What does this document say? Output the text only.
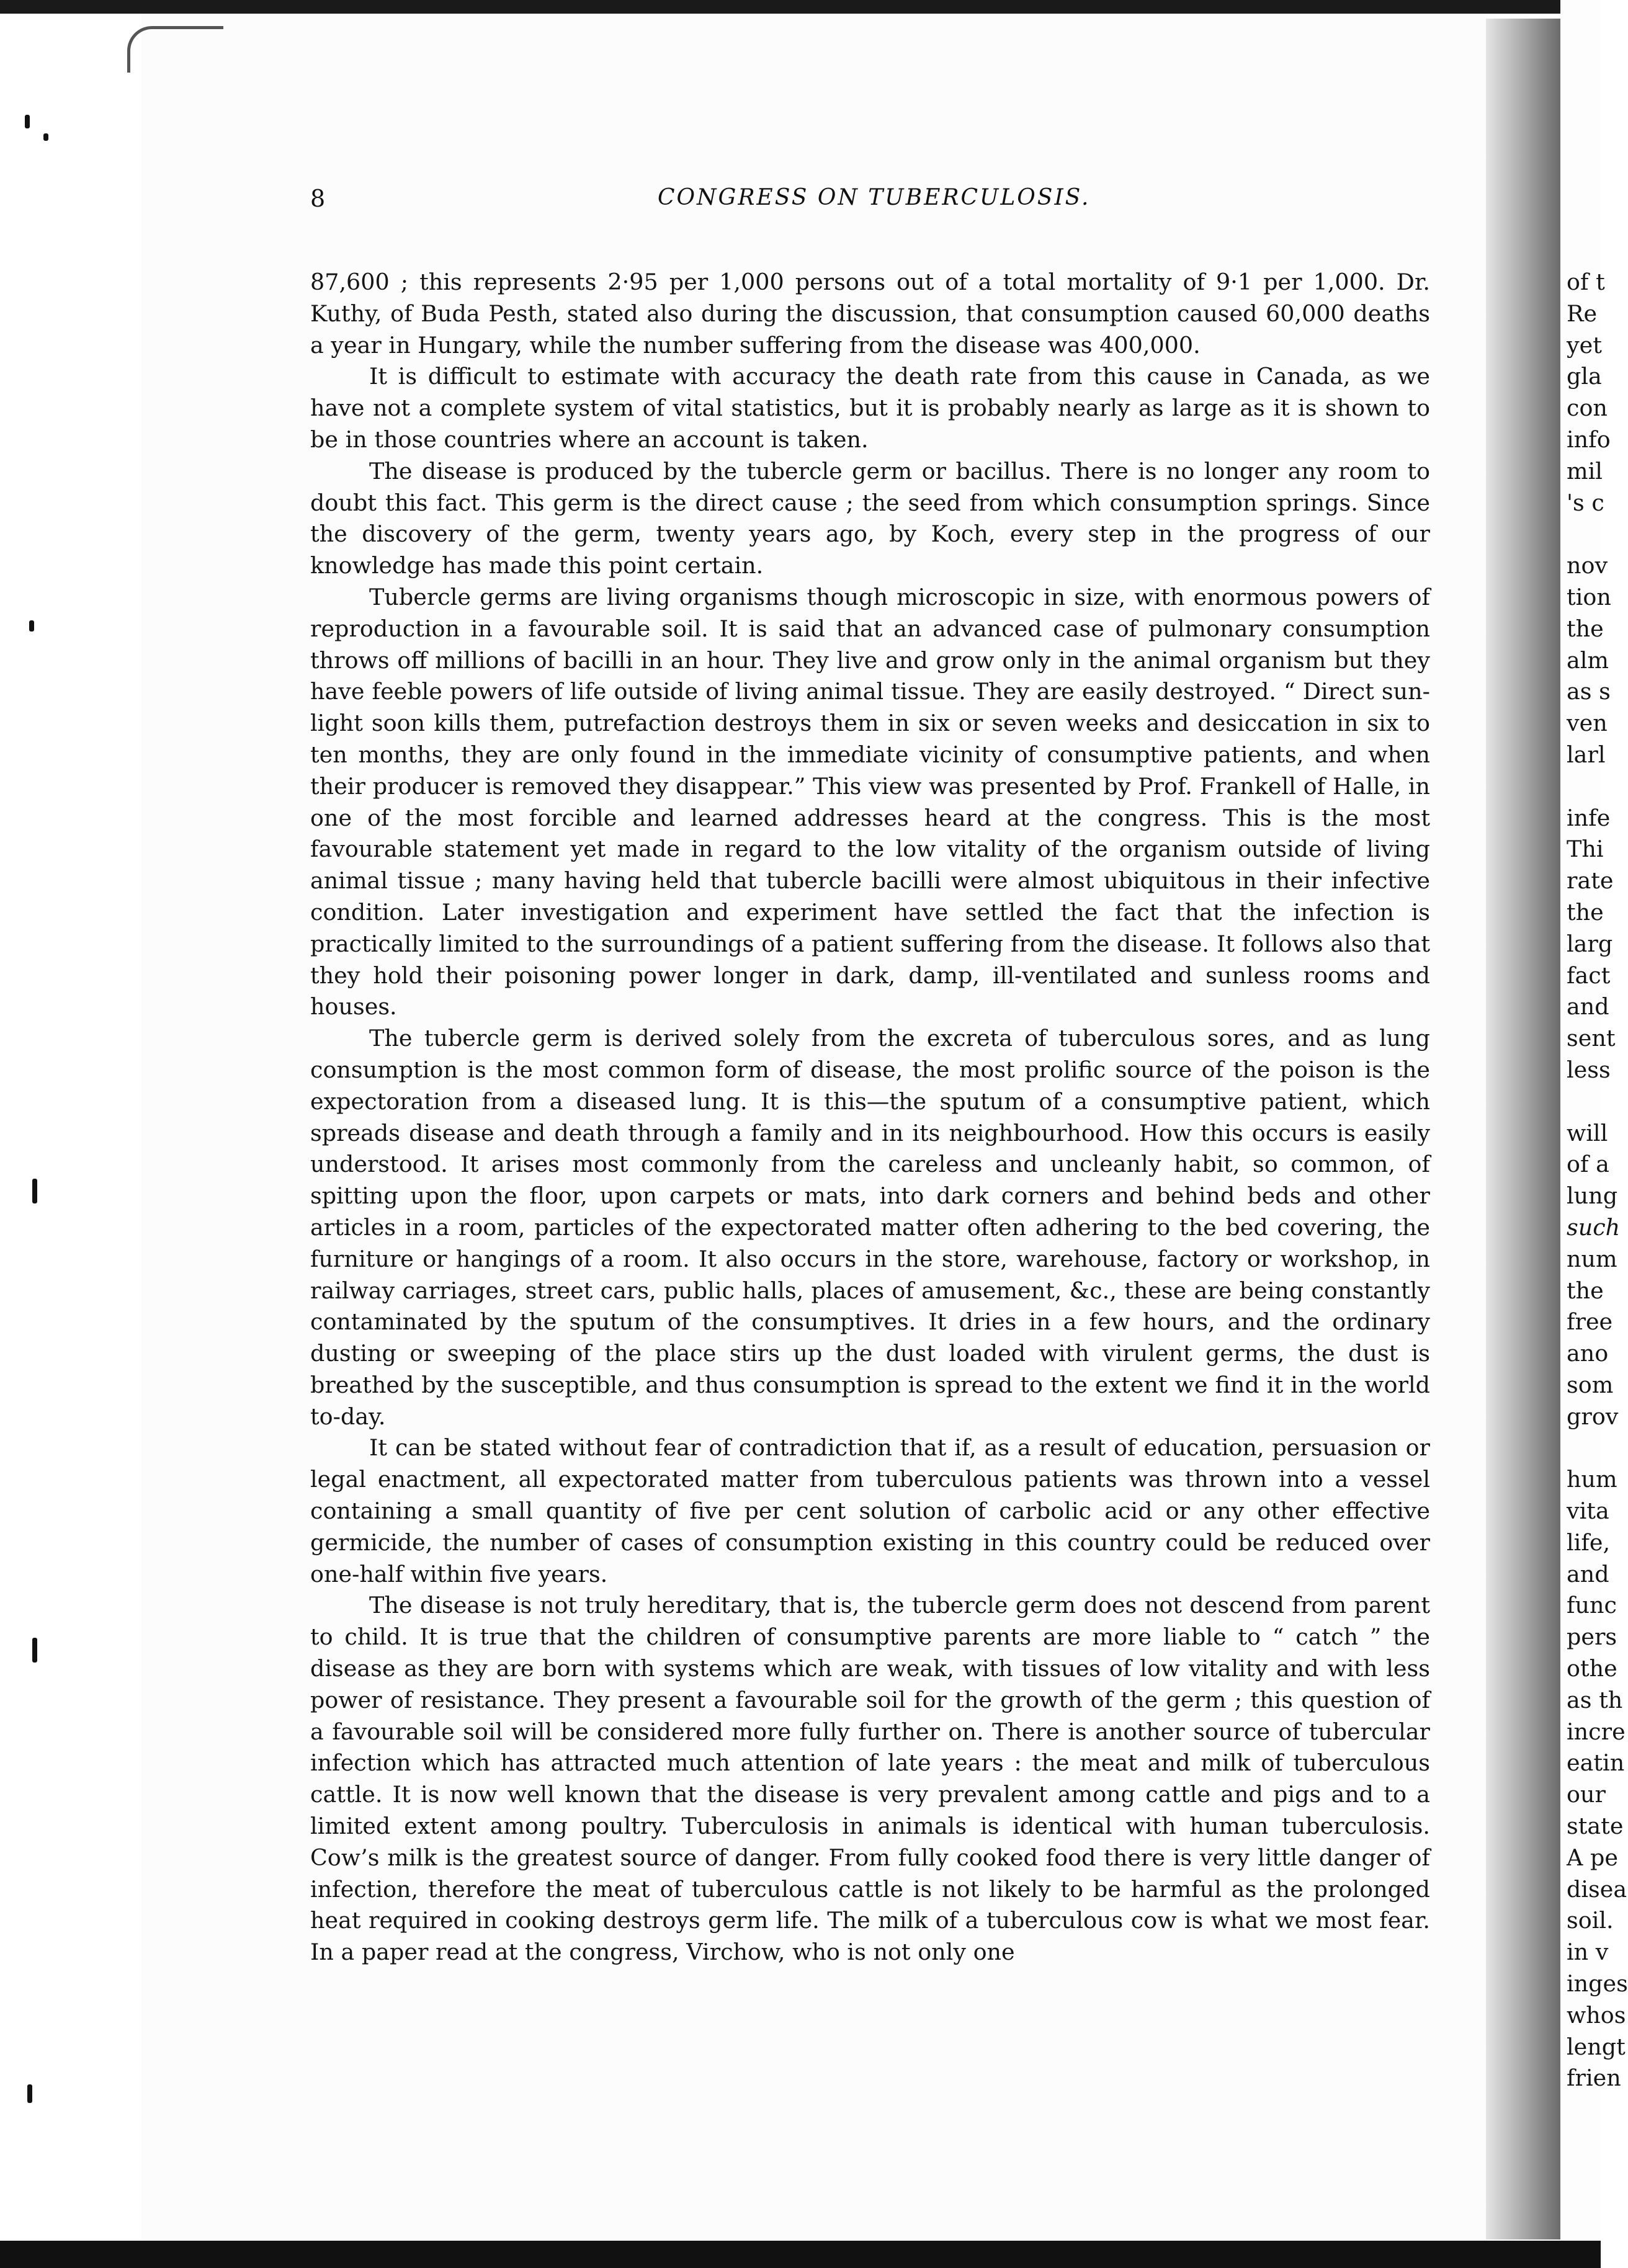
8	CONGRESS ON TUBERCULOSIS.

87,600 ; this represents 2·95 per 1,000 persons out of a total mortality of 9·1 per 1,000. Dr. Kuthy, of Buda Pesth, stated also during the discussion, that consumption caused 60,000 deaths a year in Hungary, while the number suffering from the disease was 400,000.

It is difficult to estimate with accuracy the death rate from this cause in Canada, as we have not a complete system of vital statistics, but it is probably nearly as large as it is shown to be in those countries where an account is taken.

The disease is produced by the tubercle germ or bacillus. There is no longer any room to doubt this fact. This germ is the direct cause ; the seed from which consumption springs. Since the discovery of the germ, twenty years ago, by Koch, every step in the progress of our knowledge has made this point certain.

Tubercle germs are living organisms though microscopic in size, with enormous powers of reproduction in a favourable soil. It is said that an advanced case of pulmonary consumption throws off millions of bacilli in an hour. They live and grow only in the animal organism but they have feeble powers of life outside of living animal tissue. They are easily destroyed. “ Direct sun-light soon kills them, putrefaction destroys them in six or seven weeks and desiccation in six to ten months, they are only found in the immediate vicinity of consumptive patients, and when their producer is removed they disappear.” This view was presented by Prof. Frankell of Halle, in one of the most forcible and learned addresses heard at the congress. This is the most favourable statement yet made in regard to the low vitality of the organism outside of living animal tissue ; many having held that tubercle bacilli were almost ubiquitous in their infective condition. Later investigation and experiment have settled the fact that the infection is practically limited to the surroundings of a patient suffering from the disease. It follows also that they hold their poisoning power longer in dark, damp, ill-ventilated and sunless rooms and houses.

The tubercle germ is derived solely from the excreta of tuberculous sores, and as lung consumption is the most common form of disease, the most prolific source of the poison is the expectoration from a diseased lung. It is this—the sputum of a consumptive patient, which spreads disease and death through a family and in its neighbourhood. How this occurs is easily understood. It arises most commonly from the careless and uncleanly habit, so common, of spitting upon the floor, upon carpets or mats, into dark corners and behind beds and other articles in a room, particles of the expectorated matter often adhering to the bed covering, the furniture or hangings of a room. It also occurs in the store, warehouse, factory or workshop, in railway carriages, street cars, public halls, places of amusement, &c., these are being constantly contaminated by the sputum of the consumptives. It dries in a few hours, and the ordinary dusting or sweeping of the place stirs up the dust loaded with virulent germs, the dust is breathed by the susceptible, and thus consumption is spread to the extent we find it in the world to-day.

It can be stated without fear of contradiction that if, as a result of education, persuasion or legal enactment, all expectorated matter from tuberculous patients was thrown into a vessel containing a small quantity of five per cent solution of carbolic acid or any other effective germicide, the number of cases of consumption existing in this country could be reduced over one-half within five years.

The disease is not truly hereditary, that is, the tubercle germ does not descend from parent to child. It is true that the children of consumptive parents are more liable to “ catch ” the disease as they are born with systems which are weak, with tissues of low vitality and with less power of resistance. They present a favourable soil for the growth of the germ ; this question of a favourable soil will be considered more fully further on. There is another source of tubercular infection which has attracted much attention of late years : the meat and milk of tuberculous cattle. It is now well known that the disease is very prevalent among cattle and pigs and to a limited extent among poultry. Tuberculosis in animals is identical with human tuberculosis. Cow’s milk is the greatest source of danger. From fully cooked food there is very little danger of infection, therefore the meat of tuberculous cattle is not likely to be harmful as the prolonged heat required in cooking destroys germ life. The milk of a tuberculous cow is what we most fear. In a paper read at the congress, Virchow, who is not only one

of t
Re
yet
gla
con
info
mil
's c
nov
tion
the
alm
as s
ven
larl
infe
Thi
rate
the
larg
fact
and
sent
less
will
of a
lung
such
num
the
free
ano
som
grov
hum
vita
life,
and
func
pers
othe
as th
incre
eatin
our
state
A pe
disea
soil.
in v
inges
whos
lengt
frien
